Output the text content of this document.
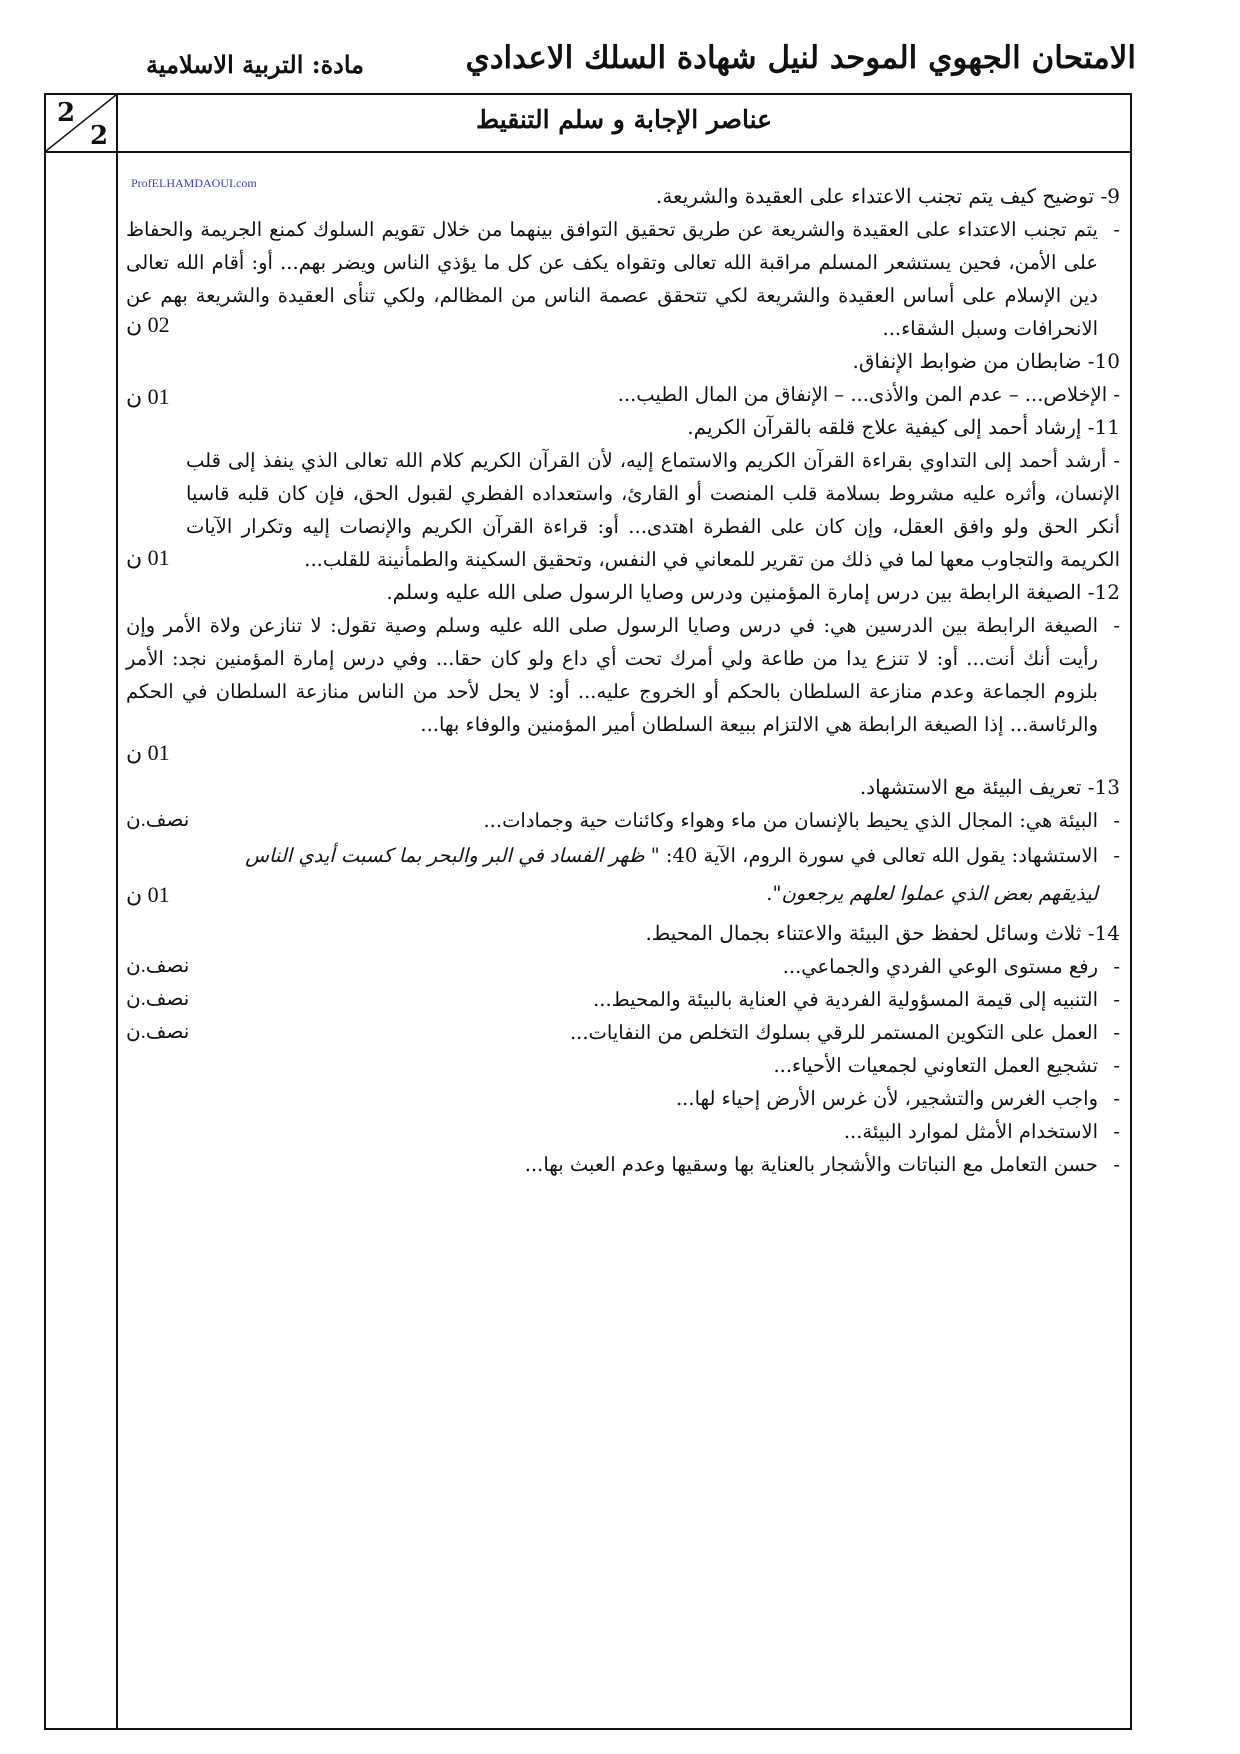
الامتحان الجهوي الموحد لنيل شهادة السلك الاعدادي
مادة: التربية الاسلامية
عناصر الإجابة و سلم التنقيط
2
2
ProfELHAMDAOUI.com

9- توضيح كيف يتم تجنب الاعتداء على العقيدة والشريعة.

- يتم تجنب الاعتداء على العقيدة والشريعة عن طريق تحقيق التوافق بينهما من خلال تقويم السلوك كمنع الجريمة والحفاظ على الأمن، فحين يستشعر المسلم مراقبة الله تعالى وتقواه يكف عن كل ما يؤذي الناس ويضر بهم... أو: أقام الله تعالى دين الإسلام على أساس العقيدة والشريعة لكي تتحقق عصمة الناس من المظالم، ولكي تنأى العقيدة والشريعة بهم عن الانحرافات وسبل الشقاء...

02 ن

10- ضابطان من ضوابط الإنفاق.

- الإخلاص... – عدم المن والأذى... – الإنفاق من المال الطيب...

01 ن

11- إرشاد أحمد إلى كيفية علاج قلقه بالقرآن الكريم.

- أرشد أحمد إلى التداوي بقراءة القرآن الكريم والاستماع إليه، لأن القرآن الكريم كلام الله تعالى الذي ينفذ إلى قلب الإنسان، وأثره عليه مشروط بسلامة قلب المنصت أو القارئ، واستعداده الفطري لقبول الحق، فإن كان قلبه قاسيا أنكر الحق ولو وافق العقل، وإن كان على الفطرة اهتدى... أو: قراءة القرآن الكريم والإنصات إليه وتكرار الآيات الكريمة والتجاوب معها لما في ذلك من تقرير للمعاني في النفس، وتحقيق السكينة والطمأنينة للقلب...

01 ن

12- الصيغة الرابطة بين درس إمارة المؤمنين ودرس وصايا الرسول صلى الله عليه وسلم.

- الصيغة الرابطة بين الدرسين هي: في درس وصايا الرسول صلى الله عليه وسلم وصية تقول: لا تنازعن ولاة الأمر وإن رأيت أنك أنت... أو: لا تنزع يدا من طاعة ولي أمرك تحت أي داع ولو كان حقا... وفي درس إمارة المؤمنين نجد: الأمر بلزوم الجماعة وعدم منازعة السلطان بالحكم أو الخروج عليه... أو: لا يحل لأحد من الناس منازعة السلطان في الحكم والرئاسة... إذا الصيغة الرابطة هي الالتزام ببيعة السلطان أمير المؤمنين والوفاء بها...

01 ن

13- تعريف البيئة مع الاستشهاد.

- البيئة هي: المجال الذي يحيط بالإنسان من ماء وهواء وكائنات حية وجمادات...
نصف.ن

- الاستشهاد: يقول الله تعالى في سورة الروم، الآية 40: " ظهر الفساد في البر والبحر بما كسبت أيدي الناس
ليذيقهم بعض الذي عملوا لعلهم يرجعون".

01 ن

14- ثلاث وسائل لحفظ حق البيئة والاعتناء بجمال المحيط.

- رفع مستوى الوعي الفردي والجماعي...
نصف.ن
- التنبيه إلى قيمة المسؤولية الفردية في العناية بالبيئة والمحيط...
نصف.ن
- العمل على التكوين المستمر للرقي بسلوك التخلص من النفايات...
نصف.ن
- تشجيع العمل التعاوني لجمعيات الأحياء...
- واجب الغرس والتشجير، لأن غرس الأرض إحياء لها...
- الاستخدام الأمثل لموارد البيئة...
- حسن التعامل مع النباتات والأشجار بالعناية بها وسقيها وعدم العبث بها...
